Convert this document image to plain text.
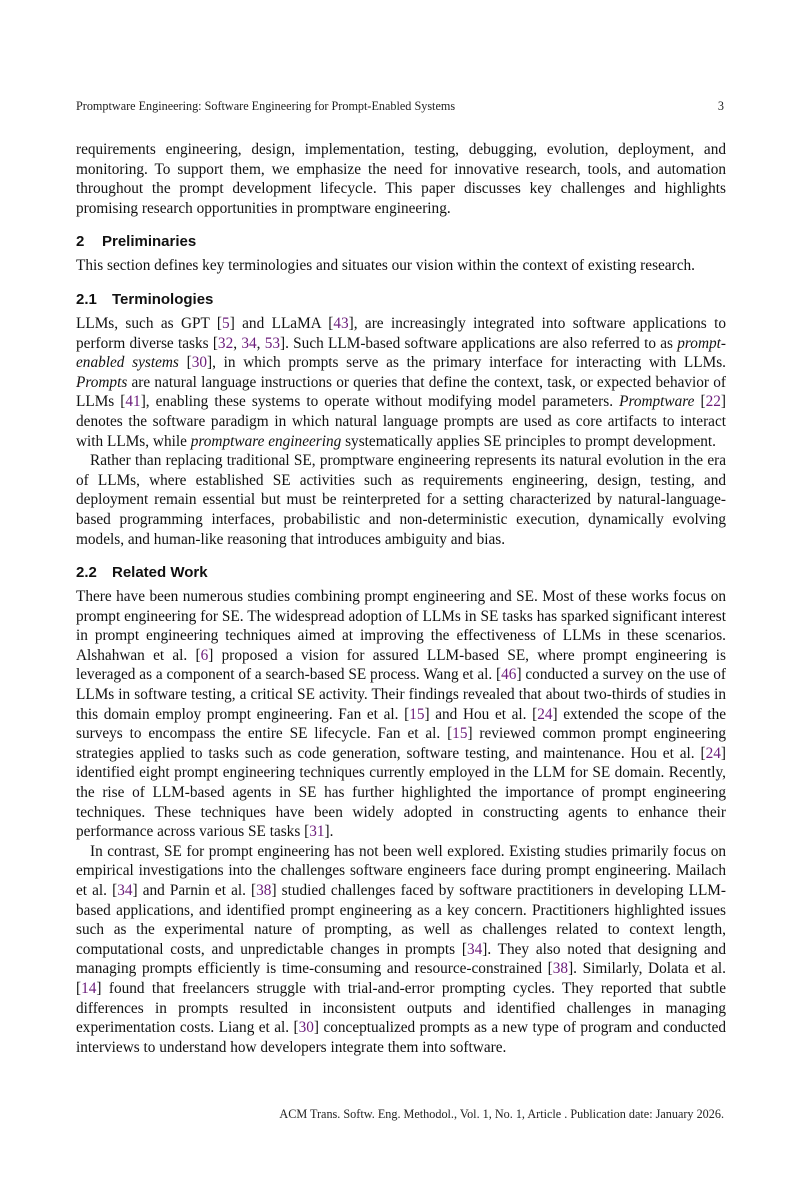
Promptware Engineering: Software Engineering for Prompt-Enabled Systems	3

requirements engineering, design, implementation, testing, debugging, evolution, deployment, and monitoring. To support them, we emphasize the need for innovative research, tools, and automation throughout the prompt development lifecycle. This paper discusses key challenges and highlights promising research opportunities in promptware engineering.

2 Preliminaries

This section defines key terminologies and situates our vision within the context of existing research.

2.1 Terminologies

LLMs, such as GPT [5] and LLaMA [43], are increasingly integrated into software applications to perform diverse tasks [32, 34, 53]. Such LLM-based software applications are also referred to as prompt-enabled systems [30], in which prompts serve as the primary interface for interacting with LLMs. Prompts are natural language instructions or queries that define the context, task, or expected behavior of LLMs [41], enabling these systems to operate without modifying model parameters. Promptware [22] denotes the software paradigm in which natural language prompts are used as core artifacts to interact with LLMs, while promptware engineering systematically applies SE principles to prompt development.

Rather than replacing traditional SE, promptware engineering represents its natural evolution in the era of LLMs, where established SE activities such as requirements engineering, design, testing, and deployment remain essential but must be reinterpreted for a setting characterized by natural-language-based programming interfaces, probabilistic and non-deterministic execution, dynamically evolving models, and human-like reasoning that introduces ambiguity and bias.

2.2 Related Work

There have been numerous studies combining prompt engineering and SE. Most of these works focus on prompt engineering for SE. The widespread adoption of LLMs in SE tasks has sparked significant interest in prompt engineering techniques aimed at improving the effectiveness of LLMs in these scenarios. Alshahwan et al. [6] proposed a vision for assured LLM-based SE, where prompt engineering is leveraged as a component of a search-based SE process. Wang et al. [46] conducted a survey on the use of LLMs in software testing, a critical SE activity. Their findings revealed that about two-thirds of studies in this domain employ prompt engineering. Fan et al. [15] and Hou et al. [24] extended the scope of the surveys to encompass the entire SE lifecycle. Fan et al. [15] reviewed common prompt engineering strategies applied to tasks such as code generation, software testing, and maintenance. Hou et al. [24] identified eight prompt engineering techniques currently employed in the LLM for SE domain. Recently, the rise of LLM-based agents in SE has further highlighted the importance of prompt engineering techniques. These techniques have been widely adopted in constructing agents to enhance their performance across various SE tasks [31].

In contrast, SE for prompt engineering has not been well explored. Existing studies primarily focus on empirical investigations into the challenges software engineers face during prompt engineering. Mailach et al. [34] and Parnin et al. [38] studied challenges faced by software practitioners in developing LLM-based applications, and identified prompt engineering as a key concern. Practitioners highlighted issues such as the experimental nature of prompting, as well as challenges related to context length, computational costs, and unpredictable changes in prompts [34]. They also noted that designing and managing prompts efficiently is time-consuming and resource-constrained [38]. Similarly, Dolata et al. [14] found that freelancers struggle with trial-and-error prompting cycles. They reported that subtle differences in prompts resulted in inconsistent outputs and identified challenges in managing experimentation costs. Liang et al. [30] conceptualized prompts as a new type of program and conducted interviews to understand how developers integrate them into software.

ACM Trans. Softw. Eng. Methodol., Vol. 1, No. 1, Article . Publication date: January 2026.
